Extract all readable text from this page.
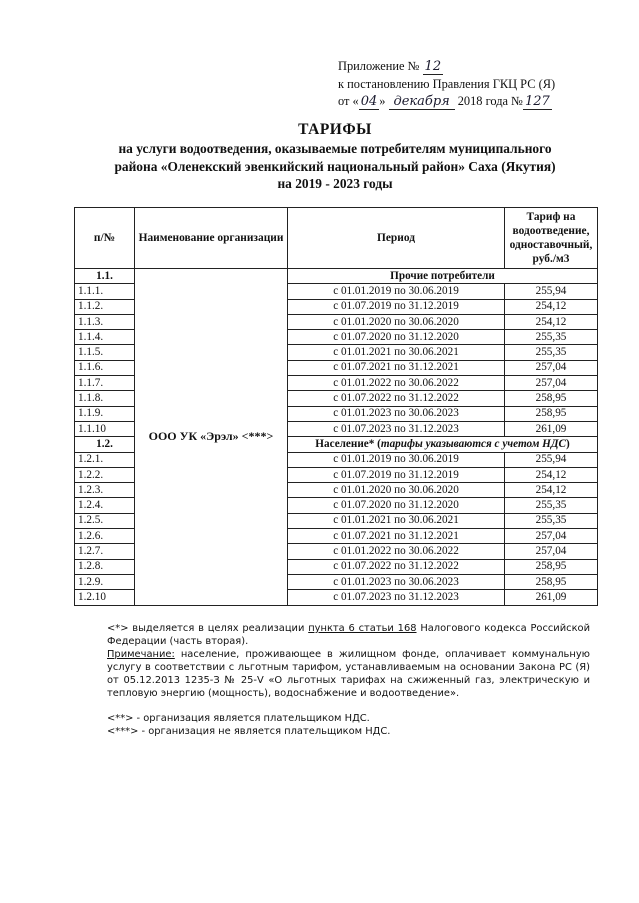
Приложение № 12
к постановлению Правления ГКЦ РС (Я)
от « 04 » декабря 2018 года № 127
ТАРИФЫ
на услуги водоотведения, оказываемые потребителям муниципального
района «Оленекский эвенкийский национальный район» Саха (Якутия)
на 2019 - 2023 годы
п/№	Наименование организации	Период	Тариф на водоотведение, одноставочный, руб./м3
1.1.	ООО УК «Эрэл» <***>	Прочие потребители	
1.1.1.		с 01.01.2019 по 30.06.2019	255,94
1.1.2.		с 01.07.2019 по 31.12.2019	254,12
1.1.3.		с 01.01.2020 по 30.06.2020	254,12
1.1.4.		с 01.07.2020 по 31.12.2020	255,35
1.1.5.		с 01.01.2021 по 30.06.2021	255,35
1.1.6.		с 01.07.2021 по 31.12.2021	257,04
1.1.7.		с 01.01.2022 по 30.06.2022	257,04
1.1.8.		с 01.07.2022 по 31.12.2022	258,95
1.1.9.		с 01.01.2023 по 30.06.2023	258,95
1.1.10		с 01.07.2023 по 31.12.2023	261,09
1.2.		Население* (тарифы указываются с учетом НДС)	
1.2.1.		с 01.01.2019 по 30.06.2019	255,94
1.2.2.		с 01.07.2019 по 31.12.2019	254,12
1.2.3.		с 01.01.2020 по 30.06.2020	254,12
1.2.4.		с 01.07.2020 по 31.12.2020	255,35
1.2.5.		с 01.01.2021 по 30.06.2021	255,35
1.2.6.		с 01.07.2021 по 31.12.2021	257,04
1.2.7.		с 01.01.2022 по 30.06.2022	257,04
1.2.8.		с 01.07.2022 по 31.12.2022	258,95
1.2.9.		с 01.01.2023 по 30.06.2023	258,95
1.2.10		с 01.07.2023 по 31.12.2023	261,09

<*> выделяется в целях реализации пункта 6 статьи 168 Налогового кодекса Российской Федерации (часть вторая).

Примечание: население, проживающее в жилищном фонде, оплачивает коммунальную услугу в соответствии с льготным тарифом, устанавливаемым на основании Закона РС (Я) от 05.12.2013 1235-З № 25-V «О льготных тарифах на сжиженный газ, электрическую и тепловую энергию (мощность), водоснабжение и водоотведение».

<**> - организация является плательщиком НДС.

<***> - организация не является плательщиком НДС.
